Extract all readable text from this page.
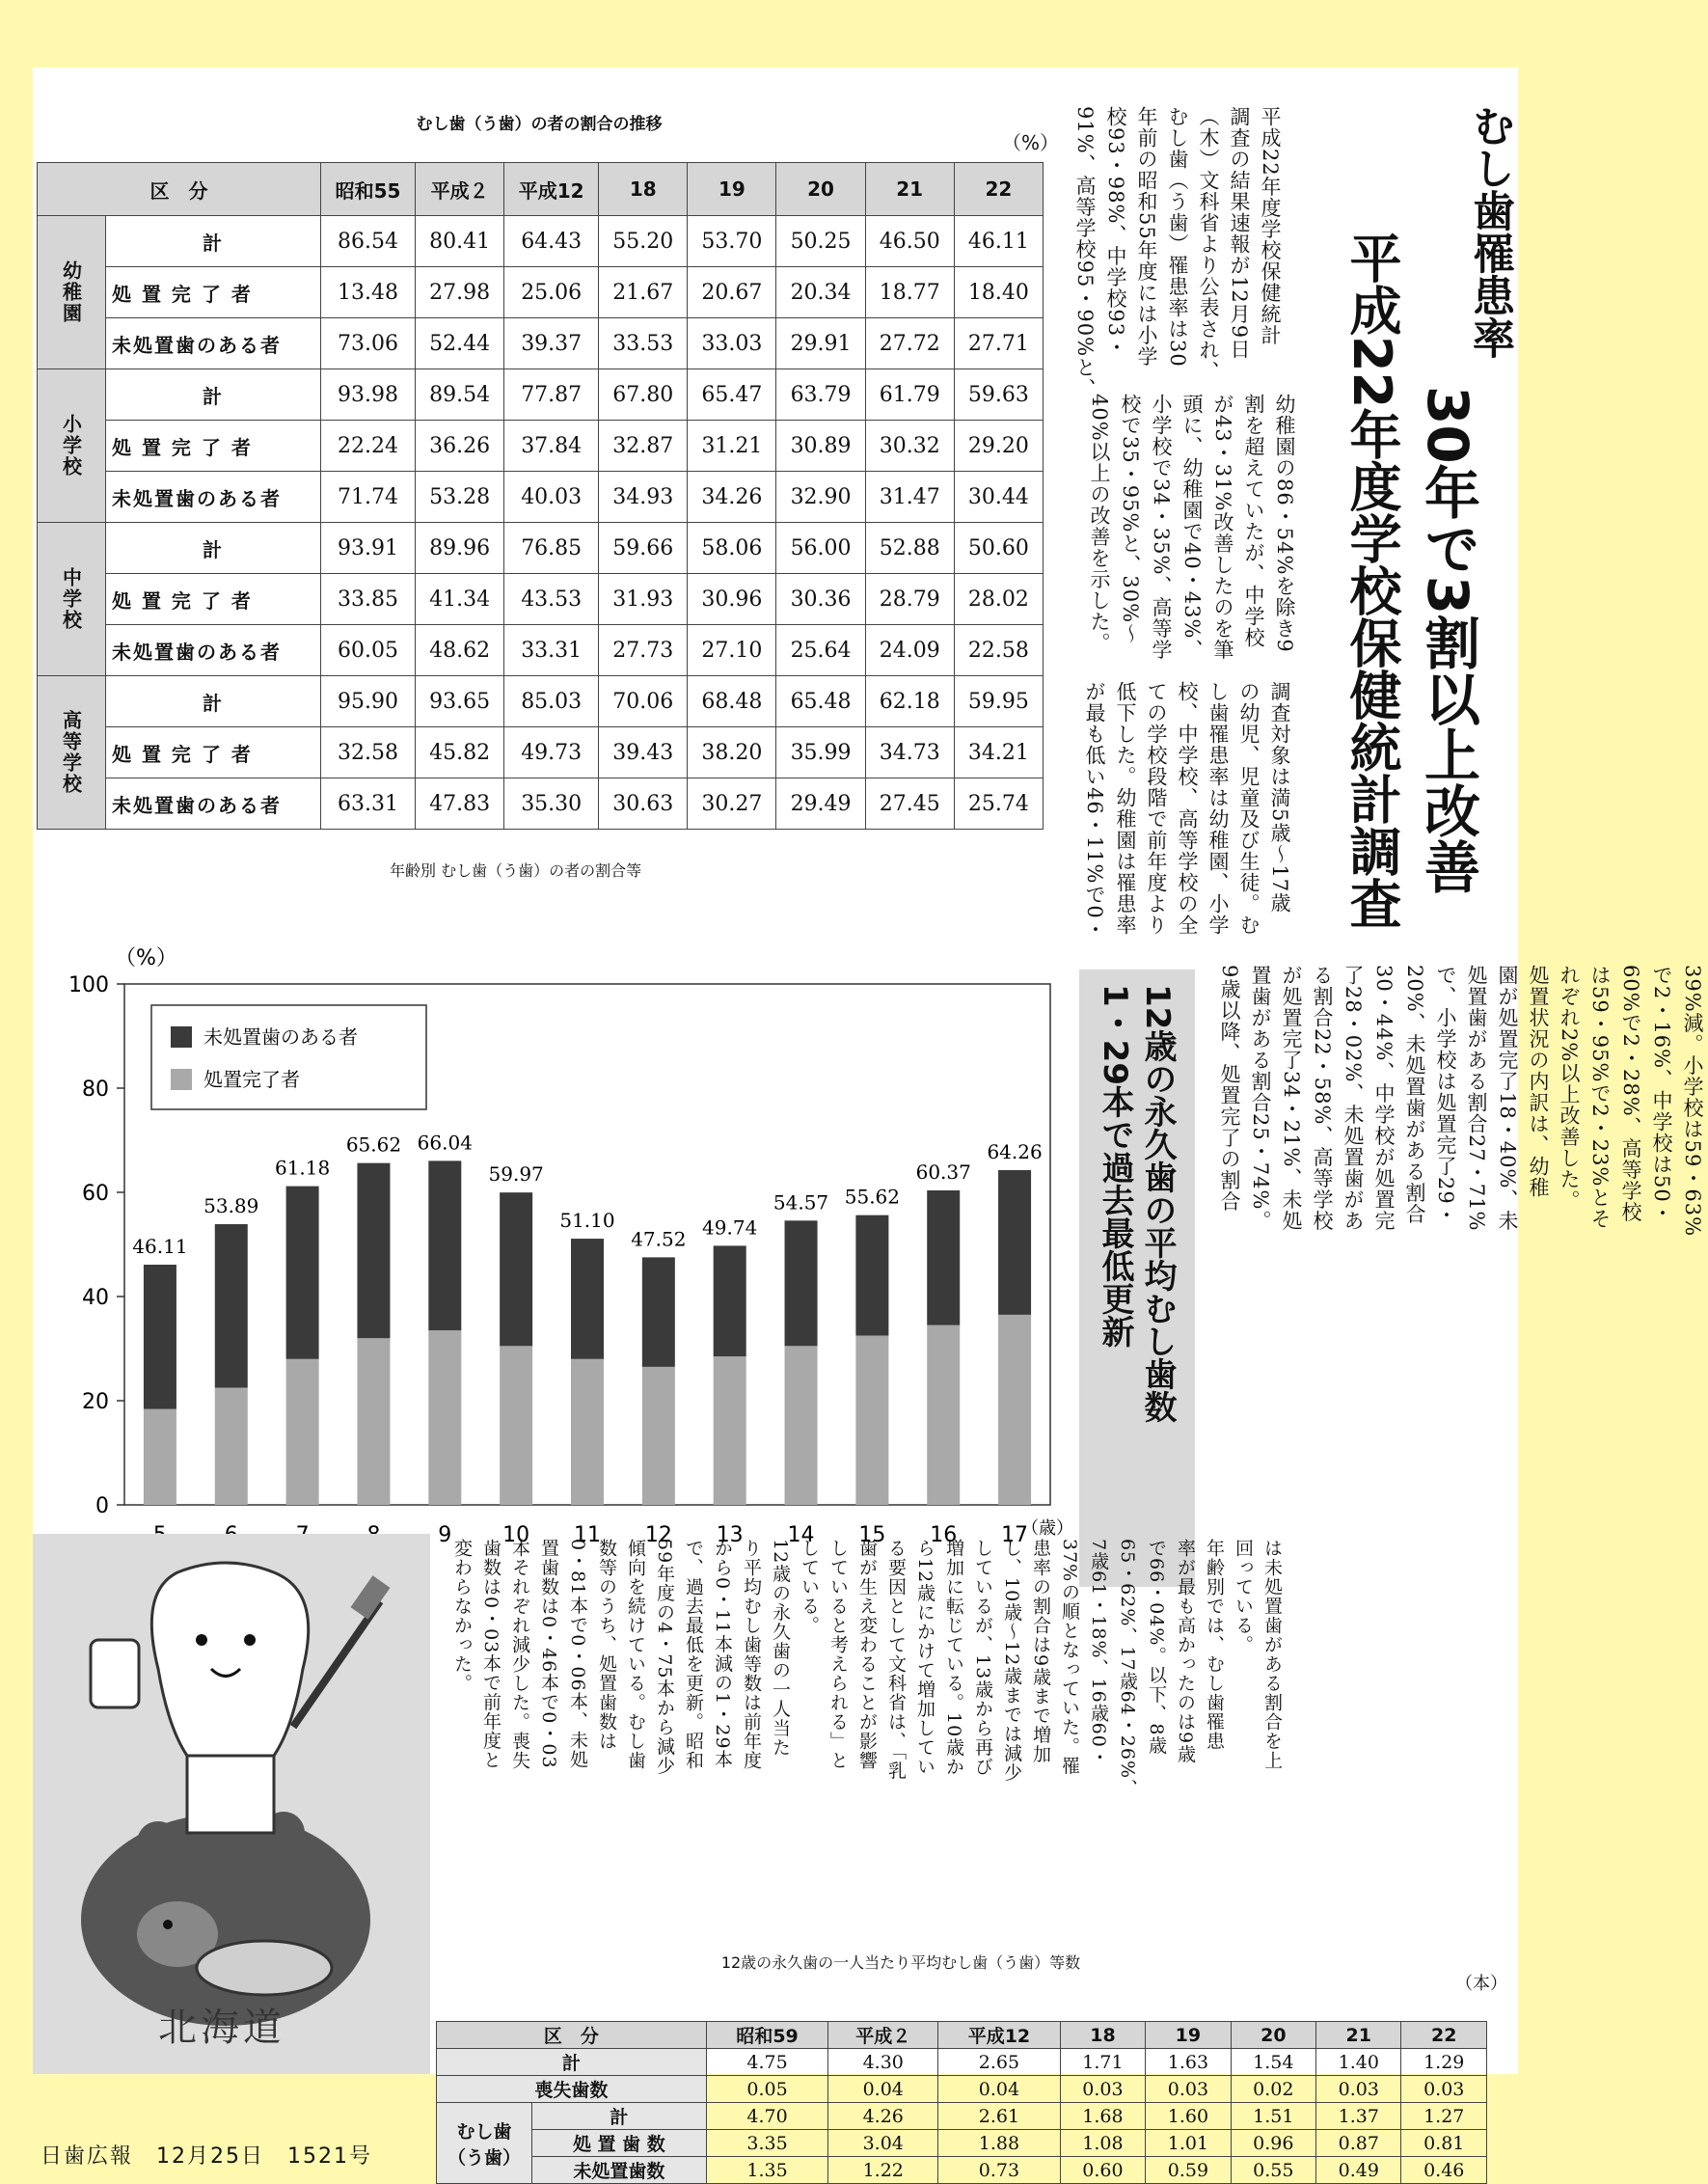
むし歯（う歯）の者の割合の推移
（%）
区　分		昭和55	平成２	平成12	18	19	20	21	22
幼稚園	計	86.54	80.41	64.43	55.20	53.70	50.25	46.50	46.11
	処 置 完 了 者	13.48	27.98	25.06	21.67	20.67	20.34	18.77	18.40
	未処置歯のある者	73.06	52.44	39.37	33.53	33.03	29.91	27.72	27.71
小学校	計	93.98	89.54	77.87	67.80	65.47	63.79	61.79	59.63
	処 置 完 了 者	22.24	36.26	37.84	32.87	31.21	30.89	30.32	29.20
	未処置歯のある者	71.74	53.28	40.03	34.93	34.26	32.90	31.47	30.44
中学校	計	93.91	89.96	76.85	59.66	58.06	56.00	52.88	50.60
	処 置 完 了 者	33.85	41.34	43.53	31.93	30.96	30.36	28.79	28.02
	未処置歯のある者	60.05	48.62	33.31	27.73	27.10	25.64	24.09	22.58
高等学校	計	95.90	93.65	85.03	70.06	68.48	65.48	62.18	59.95
	処 置 完 了 者	32.58	45.82	49.73	39.43	38.20	35.99	34.73	34.21
	未処置歯のある者	63.31	47.83	35.30	30.63	30.27	29.49	27.45	25.74
むし歯罹患率
30年で3割以上改善
平成22年度学校保健統計調査
平成22年度学校保健統計
調査の結果速報が12月9日
（木）文科省より公表され、
むし歯（う歯）罹患率は30
年前の昭和55年度には小学
校93・98%、中学校93・
91%、高等学校95・90%と、
幼稚園の86・54%を除き9
割を超えていたが、中学校
が43・31%改善したのを筆
頭に、幼稚園で40・43%、
小学校で34・35%、高等学
校で35・95%と、30%〜
40%以上の改善を示した。
調査対象は満5歳〜17歳
の幼児、児童及び生徒。む
し歯罹患率は幼稚園、小学
校、中学校、高等学校の全
ての学校段階で前年度より
低下した。幼稚園は罹患率
が最も低い46・11%で0・
12歳の永久歯の平均むし歯数
1・29本で過去最低更新	39%減。小学校は59・63%
で2・16%、中学校は50・
60%で2・28%、高等学校
は59・95%で2・23%とそ
れぞれ2%以上改善した。
処置状況の内訳は、幼稚
園が処置完了18・40%、未
処置歯がある割合27・71%
で、小学校は処置完了29・
20%、未処置歯がある割合
30・44%、中学校が処置完
了28・02%、未処置歯があ
る割合22・58%、高等学校
が処置完了34・21%、未処
置歯がある割合25・74%。
9歳以降、処置完了の割合
年齢別 むし歯（う歯）の者の割合等
0
20
40
60
80
100
（%）
46.11
53.89
61.18
65.62 66.04
9
59.97
10
51.10
11
47.52
12
49.74
13
54.57
14
55.62
15
60.37
16
64.26
17
（歳）
未処置歯のある者
処置完了者
北海道
は未処置歯がある割合を上
回っている。
年齢別では、むし歯罹患
率が最も高かったのは9歳
で66・04%。以下、8歳
65・62%、17歳64・26%、
7歳61・18%、16歳60・
37%の順となっていた。罹
患率の割合は9歳まで増加
し、10歳〜12歳までは減少
しているが、13歳から再び
増加に転じている。10歳か
ら12歳にかけて増加してい
る要因として文科省は、「乳
歯が生え変わることが影響
していると考えられる」と
している。
12歳の永久歯の一人当た
り平均むし歯等数は前年度
から0・11本減の1・29本
で、過去最低を更新。昭和
59年度の4・75本から減少
傾向を続けている。むし歯
数等のうち、処置歯数は
0・81本で0・06本、未処
置歯数は0・46本で0・03
本それぞれ減少した。喪失
歯数は0・03本で前年度と
変わらなかった。
12歳の永久歯の一人当たり平均むし歯（う歯）等数
（本）
区　分		昭和59	平成２	平成12	18	19	20	21	22
計		4.75	4.30	2.65	1.71	1.63	1.54	1.40	1.29
喪失歯数		0.05	0.04	0.04	0.03	0.03	0.02	0.03	0.03
むし歯（う歯）	計	4.70	4.26	2.61	1.68	1.60	1.51	1.37	1.27
	処 置 歯 数	3.35	3.04	1.88	1.08	1.01	0.96	0.87	0.81
	未処置歯数	1.35	1.22	0.73	0.60	0.59	0.55	0.49	0.46
日歯広報　12月25日　1521号
